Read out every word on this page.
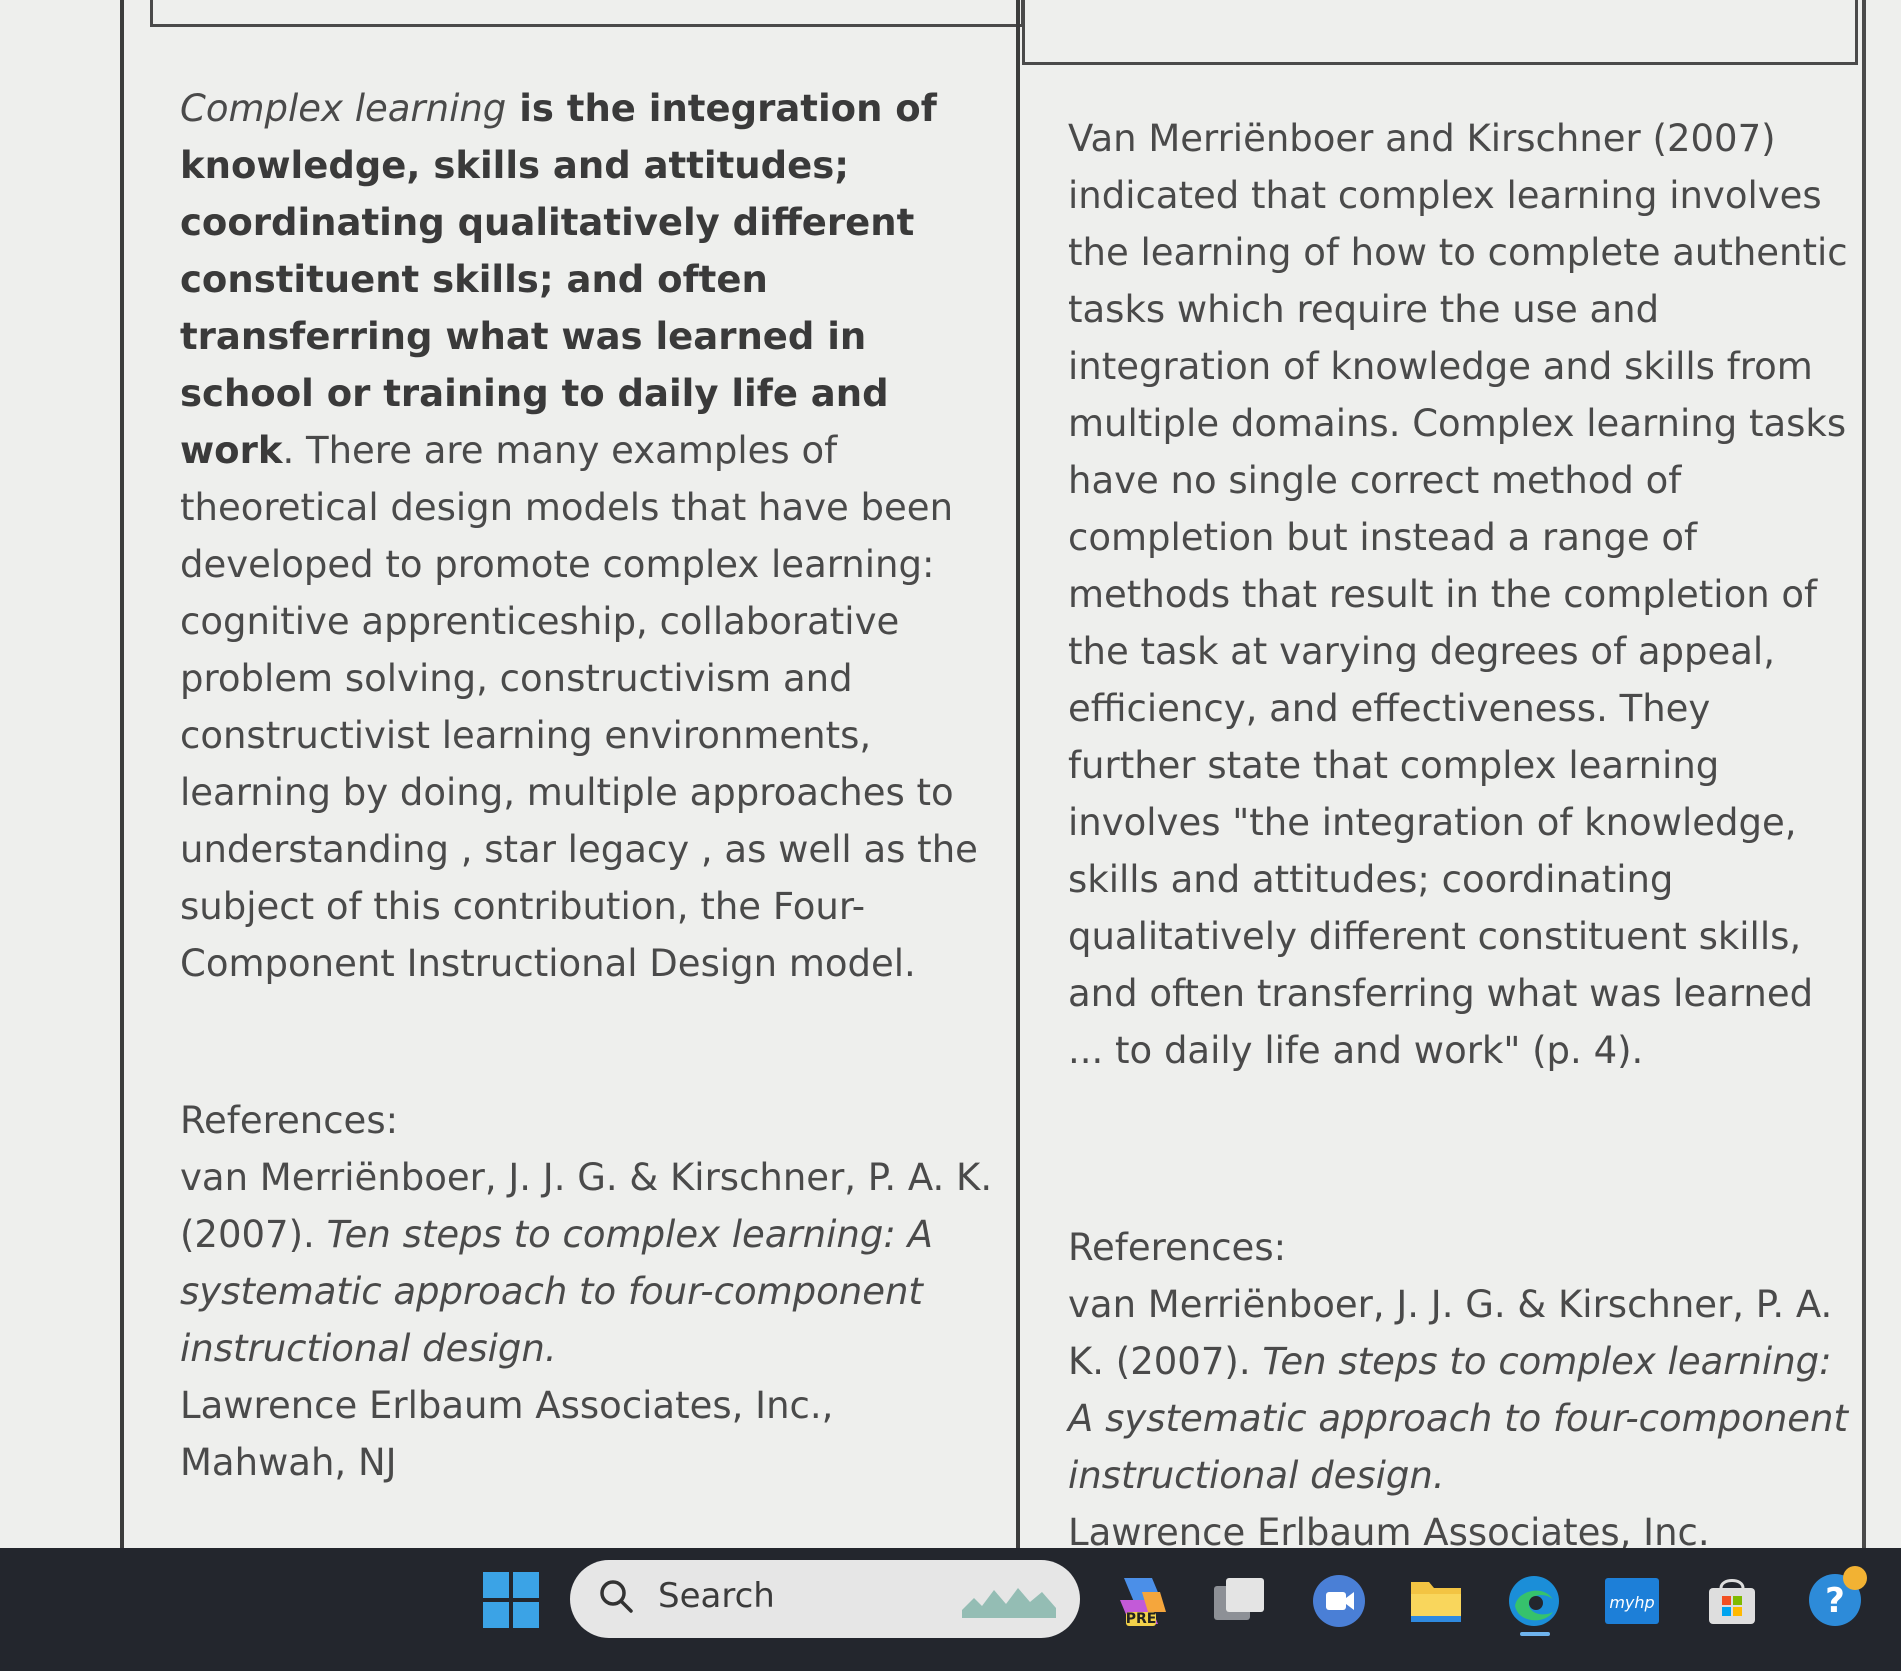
Complex learning is the integration of knowledge, skills and attitudes; coordinating qualitatively different constituent skills; and often transferring what was learned in school or training to daily life and work. There are many examples of theoretical design models that have been developed to promote complex learning: cognitive apprenticeship, collaborative problem solving, constructivism and constructivist learning environments, learning by doing, multiple approaches to understanding , star legacy , as well as the subject of this contribution, the Four-Component Instructional Design model.

References:

van Merriënboer, J. J. G. & Kirschner, P. A. K. (2007). Ten steps to complex learning: A systematic approach to four-component instructional design.
Lawrence Erlbaum Associates, Inc.,
Mahwah, NJ

Van Merriënboer and Kirschner (2007) indicated that complex learning involves the learning of how to complete authentic tasks which require the use and integration of knowledge and skills from multiple domains. Complex learning tasks have no single correct method of completion but instead a range of methods that result in the completion of the task at varying degrees of appeal, efficiency, and effectiveness. They further state that complex learning involves "the integration of knowledge, skills and attitudes; coordinating qualitatively different constituent skills, and often transferring what was learned ... to daily life and work" (p. 4).

References:

van Merriënboer, J. J. G. & Kirschner, P. A. K. (2007). Ten steps to complex learning: A systematic approach to four-component instructional design.
Lawrence Erlbaum Associates, Inc.

Search
PRE
myhp	?
